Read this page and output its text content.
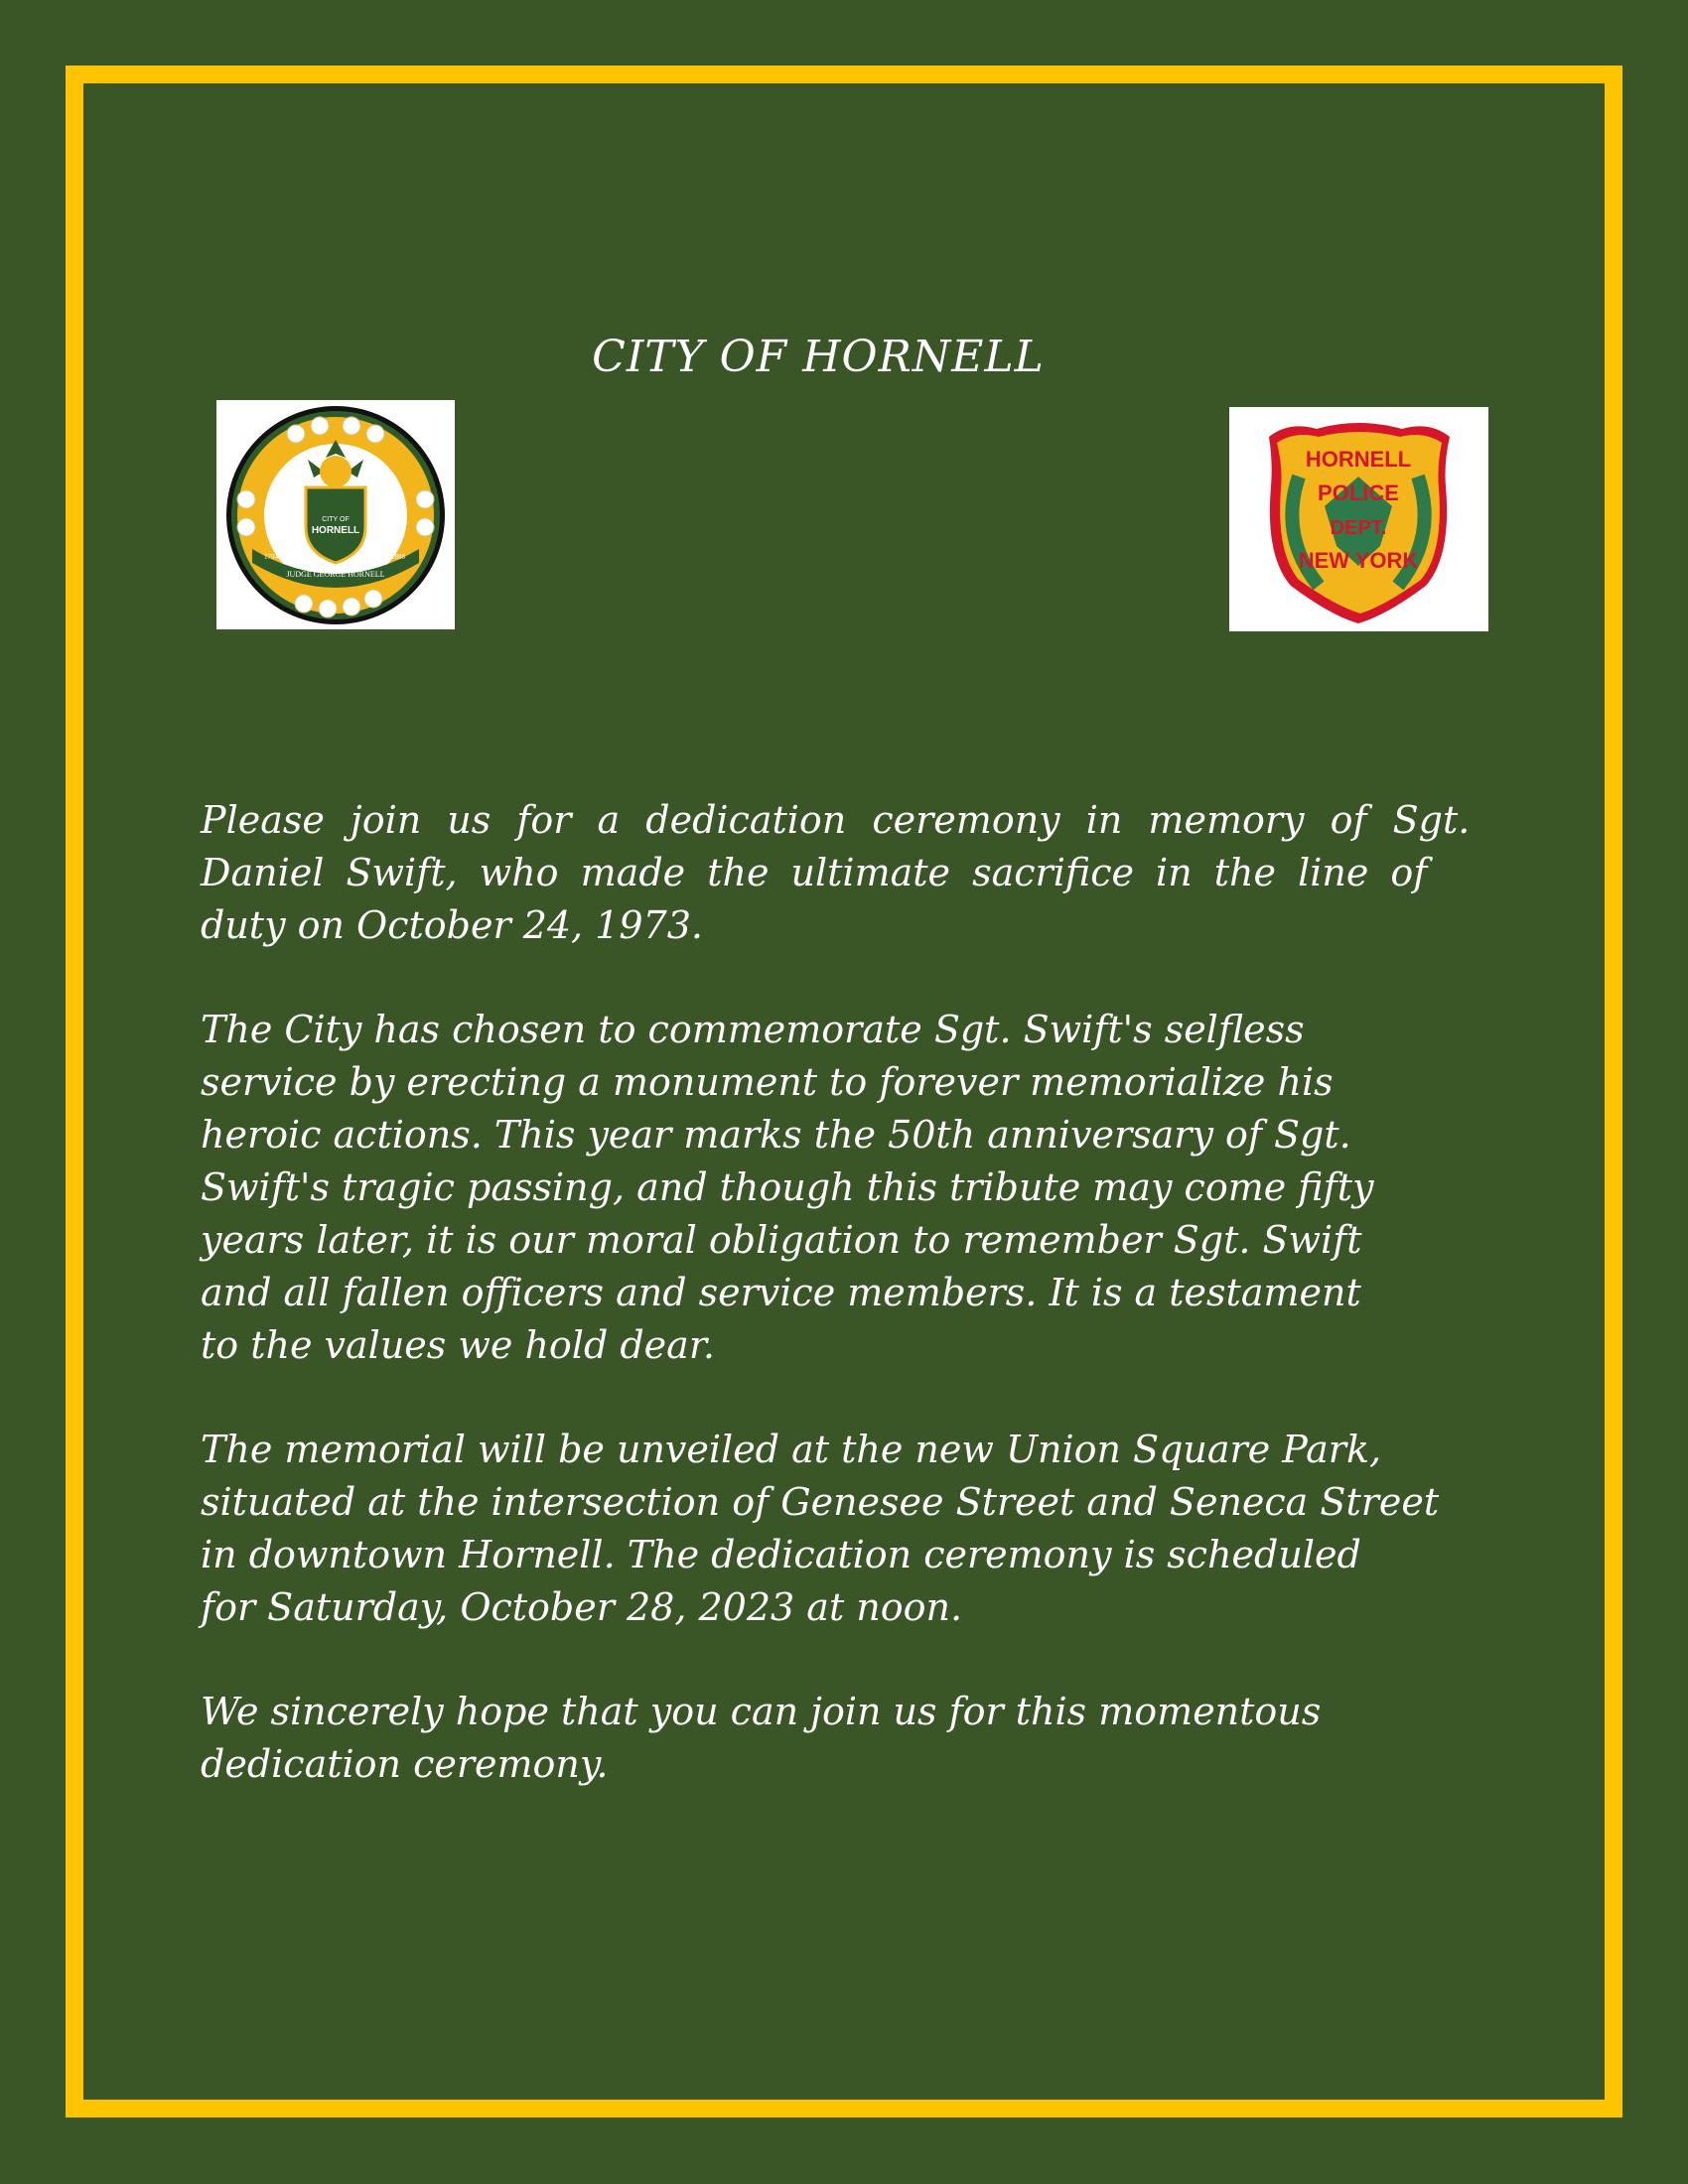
CITY OF HORNELL
CITY OF
HORNELL
JUDGE GEORGE HORNELL
1794	1888
HORNELL
POLICE
DEPT.
NEW YORK

Please join us for a dedication ceremony in memory of Sgt.
Daniel Swift, who made the ultimate sacrifice in the line of
duty on October 24, 1973.

The City has chosen to commemorate Sgt. Swift's selfless
service by erecting a monument to forever memorialize his
heroic actions. This year marks the 50th anniversary of Sgt.
Swift's tragic passing, and though this tribute may come fifty
years later, it is our moral obligation to remember Sgt. Swift
and all fallen officers and service members. It is a testament
to the values we hold dear.

The memorial will be unveiled at the new Union Square Park,
situated at the intersection of Genesee Street and Seneca Street
in downtown Hornell. The dedication ceremony is scheduled
for Saturday, October 28, 2023 at noon.

We sincerely hope that you can join us for this momentous
dedication ceremony.
